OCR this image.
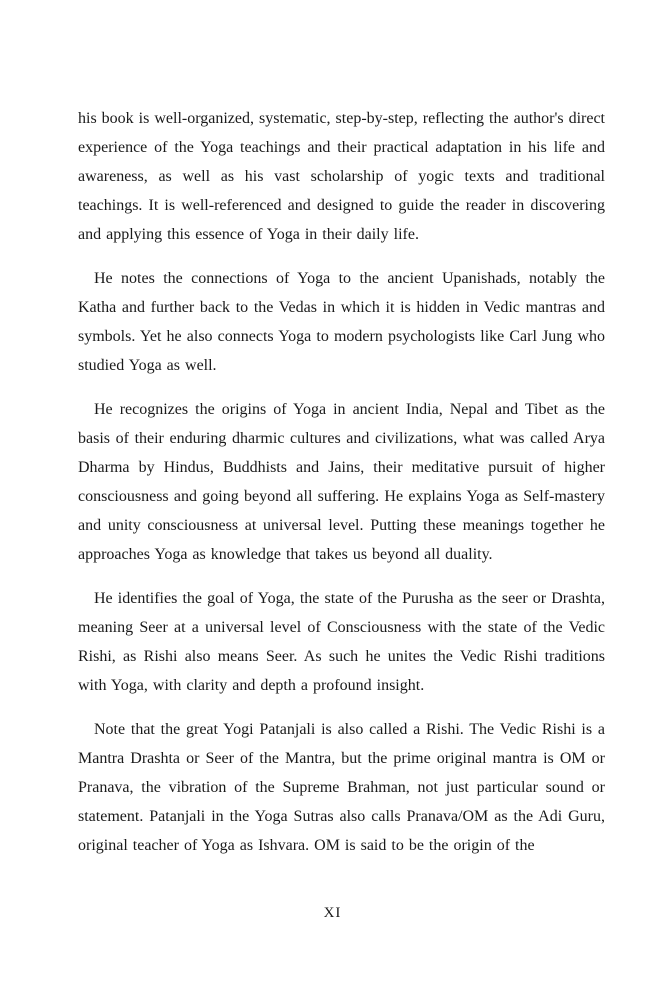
his book is well-organized, systematic, step-by-step, reflecting the author's direct experience of the Yoga teachings and their practical adaptation in his life and awareness, as well as his vast scholarship of yogic texts and traditional teachings. It is well-referenced and designed to guide the reader in discovering and applying this essence of Yoga in their daily life.

He notes the connections of Yoga to the ancient Upanishads, notably the Katha and further back to the Vedas in which it is hidden in Vedic mantras and symbols. Yet he also connects Yoga to modern psychologists like Carl Jung who studied Yoga as well.

He recognizes the origins of Yoga in ancient India, Nepal and Tibet as the basis of their enduring dharmic cultures and civilizations, what was called Arya Dharma by Hindus, Buddhists and Jains, their meditative pursuit of higher consciousness and going beyond all suffering. He explains Yoga as Self-mastery and unity consciousness at universal level. Putting these meanings together he approaches Yoga as knowledge that takes us beyond all duality.

He identifies the goal of Yoga, the state of the Purusha as the seer or Drashta, meaning Seer at a universal level of Consciousness with the state of the Vedic Rishi, as Rishi also means Seer. As such he unites the Vedic Rishi traditions with Yoga, with clarity and depth a profound insight.

Note that the great Yogi Patanjali is also called a Rishi. The Vedic Rishi is a Mantra Drashta or Seer of the Mantra, but the prime original mantra is OM or Pranava, the vibration of the Supreme Brahman, not just particular sound or statement. Patanjali in the Yoga Sutras also calls Pranava/OM as the Adi Guru, original teacher of Yoga as Ishvara. OM is said to be the origin of the

XI
